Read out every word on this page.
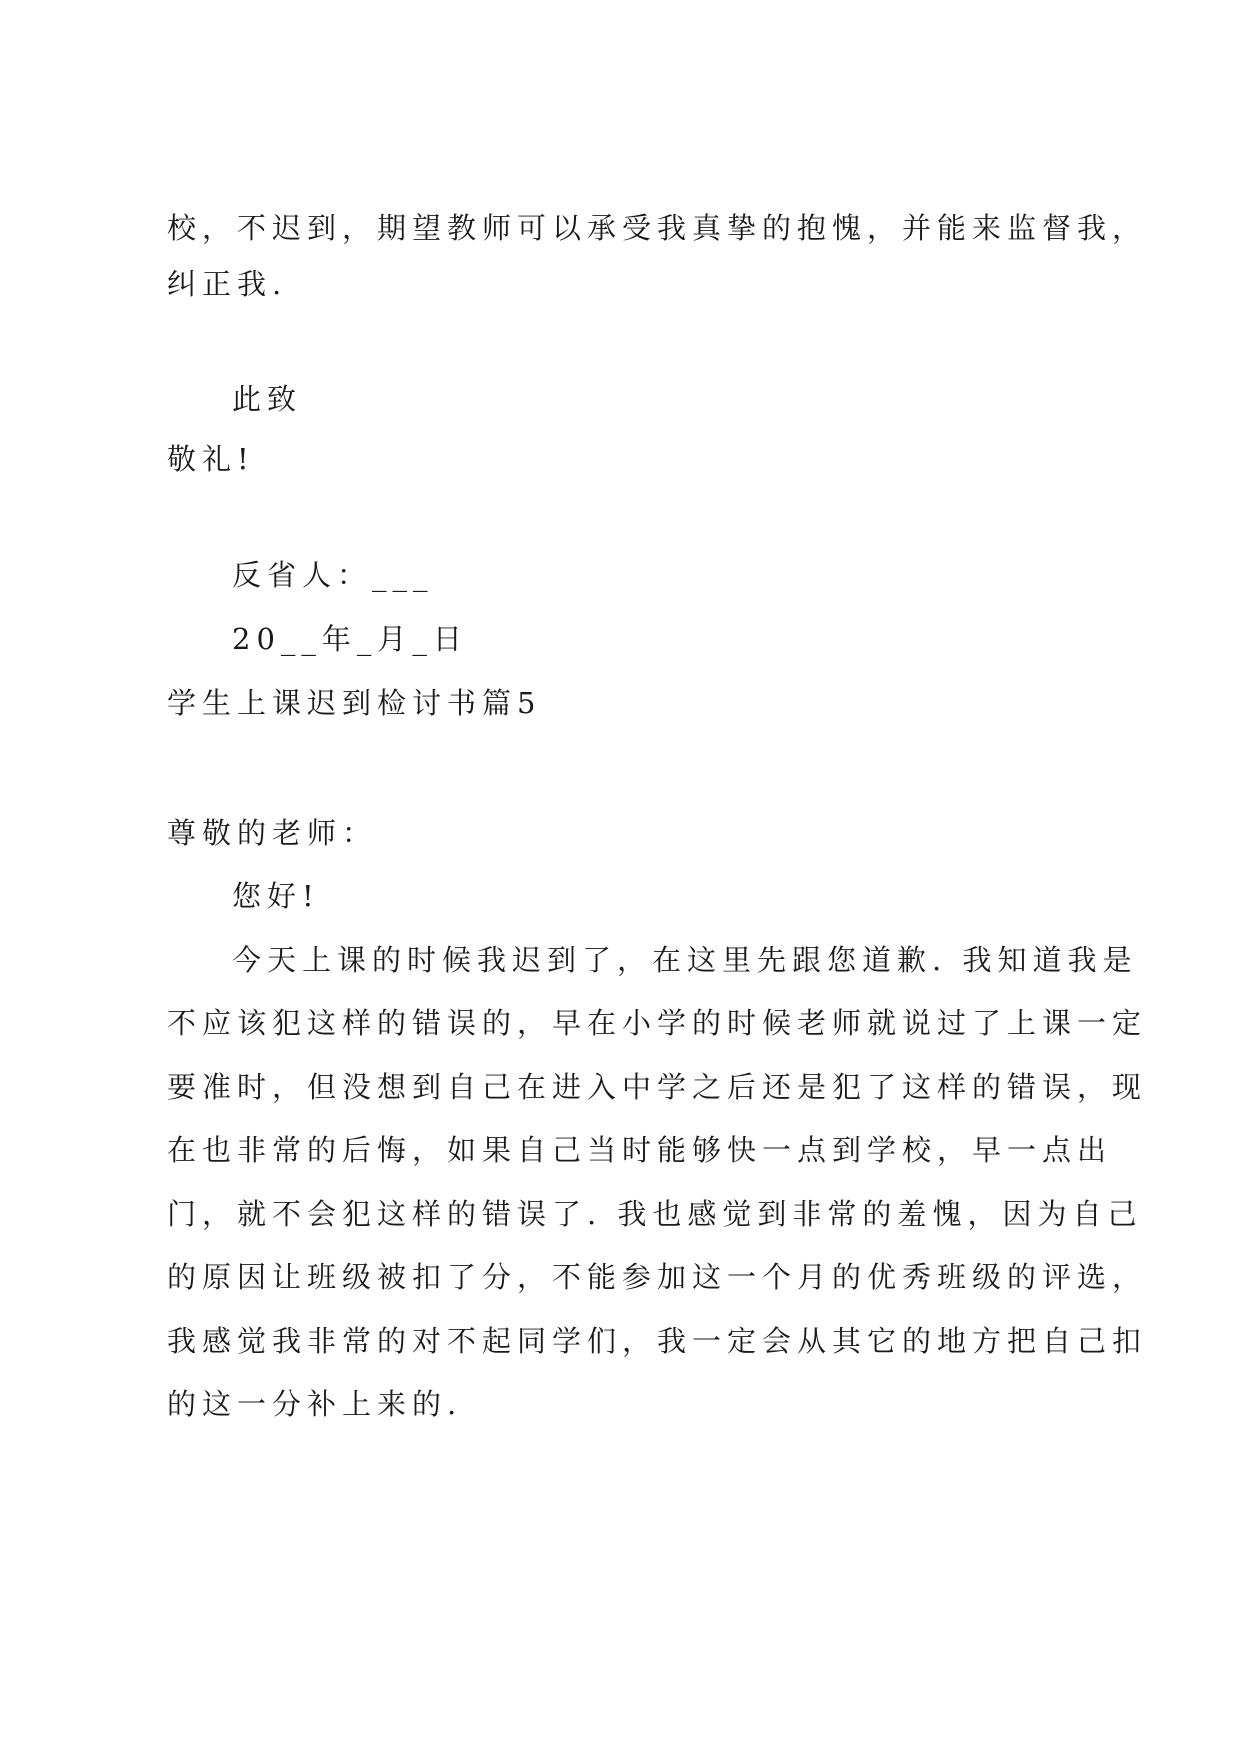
校，不迟到，期望教师可以承受我真挚的抱愧，并能来监督我，
纠正我.
此致
敬礼!
反省人：___
20__年_月_日
学生上课迟到检讨书篇5
尊敬的老师：
您好!
今天上课的时候我迟到了，在这里先跟您道歉. 我知道我是
不应该犯这样的错误的，早在小学的时候老师就说过了上课一定
要准时，但没想到自己在进入中学之后还是犯了这样的错误，现
在也非常的后悔，如果自己当时能够快一点到学校，早一点出
门，就不会犯这样的错误了. 我也感觉到非常的羞愧，因为自己
的原因让班级被扣了分，不能参加这一个月的优秀班级的评选，
我感觉我非常的对不起同学们，我一定会从其它的地方把自己扣
的这一分补上来的.
